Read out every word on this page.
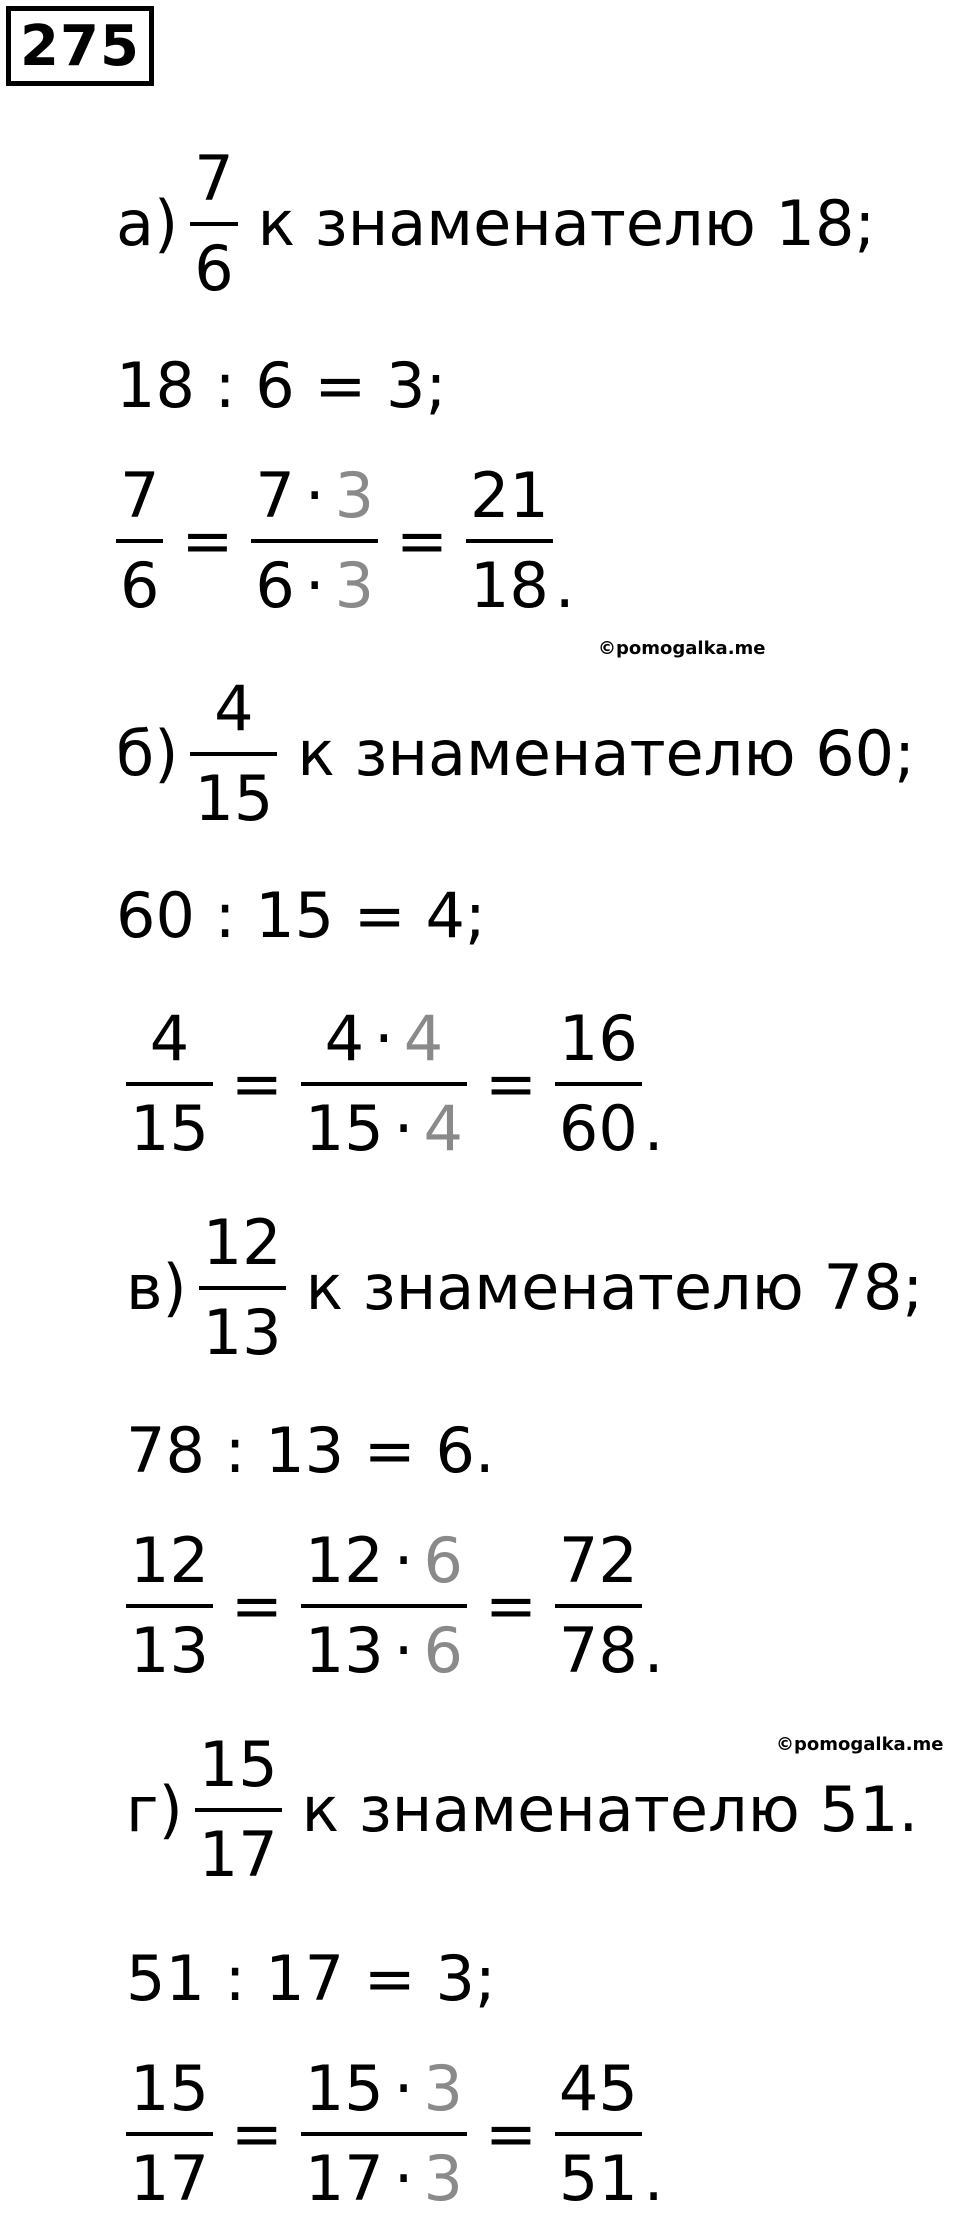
275
$а) \frac{7}{6}$ к знаменателю 18;
18 : 6 = 3;
$\frac{7}{6} = \frac{7 \cdot 3}{6 \cdot 3} = \frac{21}{18}$ .
©pomogalka.me
$б) \frac{4}{15}$ к знаменателю 60;
60 : 15 = 4;
$\frac{4}{15} = \frac{4 \cdot 4}{15 \cdot 4} = \frac{16}{60}$ .
$в) \frac{12}{13}$ к знаменателю 78;
78 : 13 = 6.
$\frac{12}{13} = \frac{12 \cdot 6}{13 \cdot 6} = \frac{72}{78}$ .
©pomogalka.me
$г) \frac{15}{17}$ к знаменателю 51.
51 : 17 = 3;
$\frac{15}{17} = \frac{15 \cdot 3}{17 \cdot 3} = \frac{45}{51}$ .
